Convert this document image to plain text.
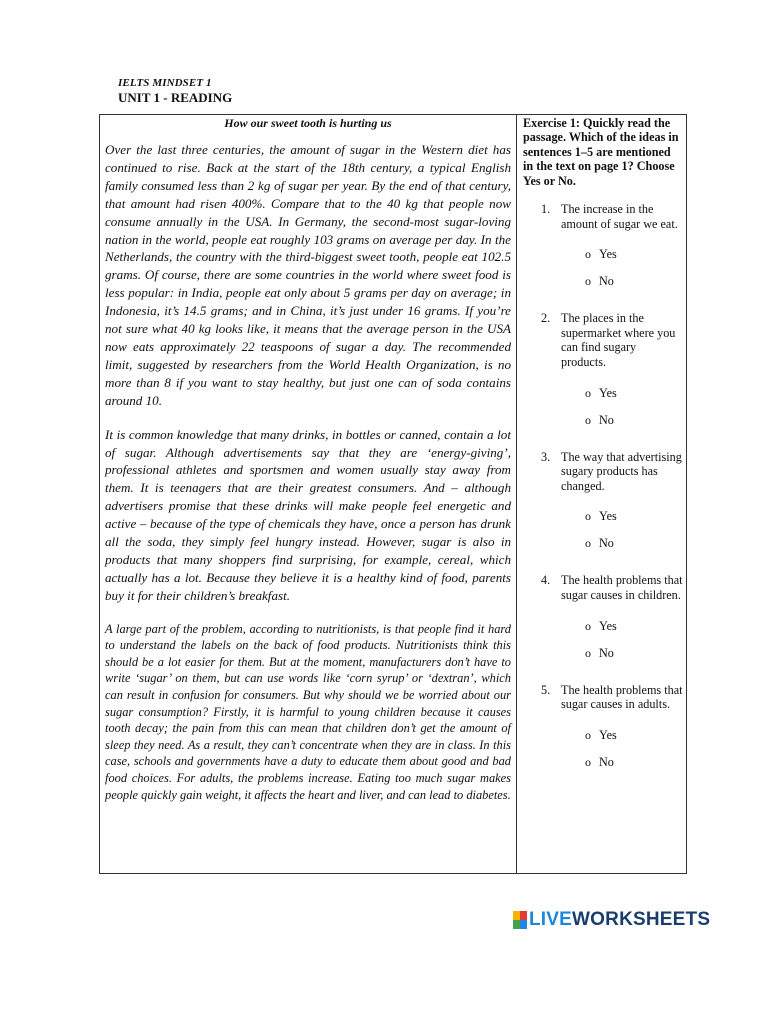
IELTS MINDSET 1
UNIT 1 - READING
How our sweet tooth is hurting us

Over the last three centuries, the amount of sugar in the Western diet has continued to rise. Back at the start of the 18th century, a typical English family consumed less than 2 kg of sugar per year. By the end of that century, that amount had risen 400%. Compare that to the 40 kg that people now consume annually in the USA. In Germany, the second-most sugar-loving nation in the world, people eat roughly 103 grams on average per day. In the Netherlands, the country with the third-biggest sweet tooth, people eat 102.5 grams. Of course, there are some countries in the world where sweet food is less popular: in India, people eat only about 5 grams per day on average; in Indonesia, it’s 14.5 grams; and in China, it’s just under 16 grams. If you’re not sure what 40 kg looks like, it means that the average person in the USA now eats approximately 22 teaspoons of sugar a day. The recommended limit, suggested by researchers from the World Health Organization, is no more than 8 if you want to stay healthy, but just one can of soda contains around 10.

It is common knowledge that many drinks, in bottles or canned, contain a lot of sugar. Although advertisements say that they are ‘energy-giving’, professional athletes and sportsmen and women usually stay away from them. It is teenagers that are their greatest consumers. And – although advertisers promise that these drinks will make people feel energetic and active – because of the type of chemicals they have, once a person has drunk all the soda, they simply feel hungry instead. However, sugar is also in products that many shoppers find surprising, for example, cereal, which actually has a lot. Because they believe it is a healthy kind of food, parents buy it for their children’s breakfast.

A large part of the problem, according to nutritionists, is that people find it hard to understand the labels on the back of food products. Nutritionists think this should be a lot easier for them. But at the moment, manufacturers don’t have to write ‘sugar’ on them, but can use words like ‘corn syrup’ or ‘dextran’, which can result in confusion for consumers. But why should we be worried about our sugar consumption? Firstly, it is harmful to young children because it causes tooth decay; the pain from this can mean that children don’t get the amount of sleep they need. As a result, they can’t concentrate when they are in class. In this case, schools and governments have a duty to educate them about good and bad food choices. For adults, the problems increase. Eating too much sugar makes people quickly gain weight, it affects the heart and liver, and can lead to diabetes.

Exercise 1: Quickly read the passage. Which of the ideas in sentences 1–5 are mentioned in the text on page 1? Choose Yes or No.
1. The increase in the amount of sugar we eat.
o Yes
o No
2. The places in the supermarket where you can find sugary products.
o Yes
o No
3. The way that advertising sugary products has changed.
o Yes
o No
4. The health problems that sugar causes in children.
o Yes
o No
5. The health problems that sugar causes in adults.
o Yes
o No
LIVEWORKSHEETS
